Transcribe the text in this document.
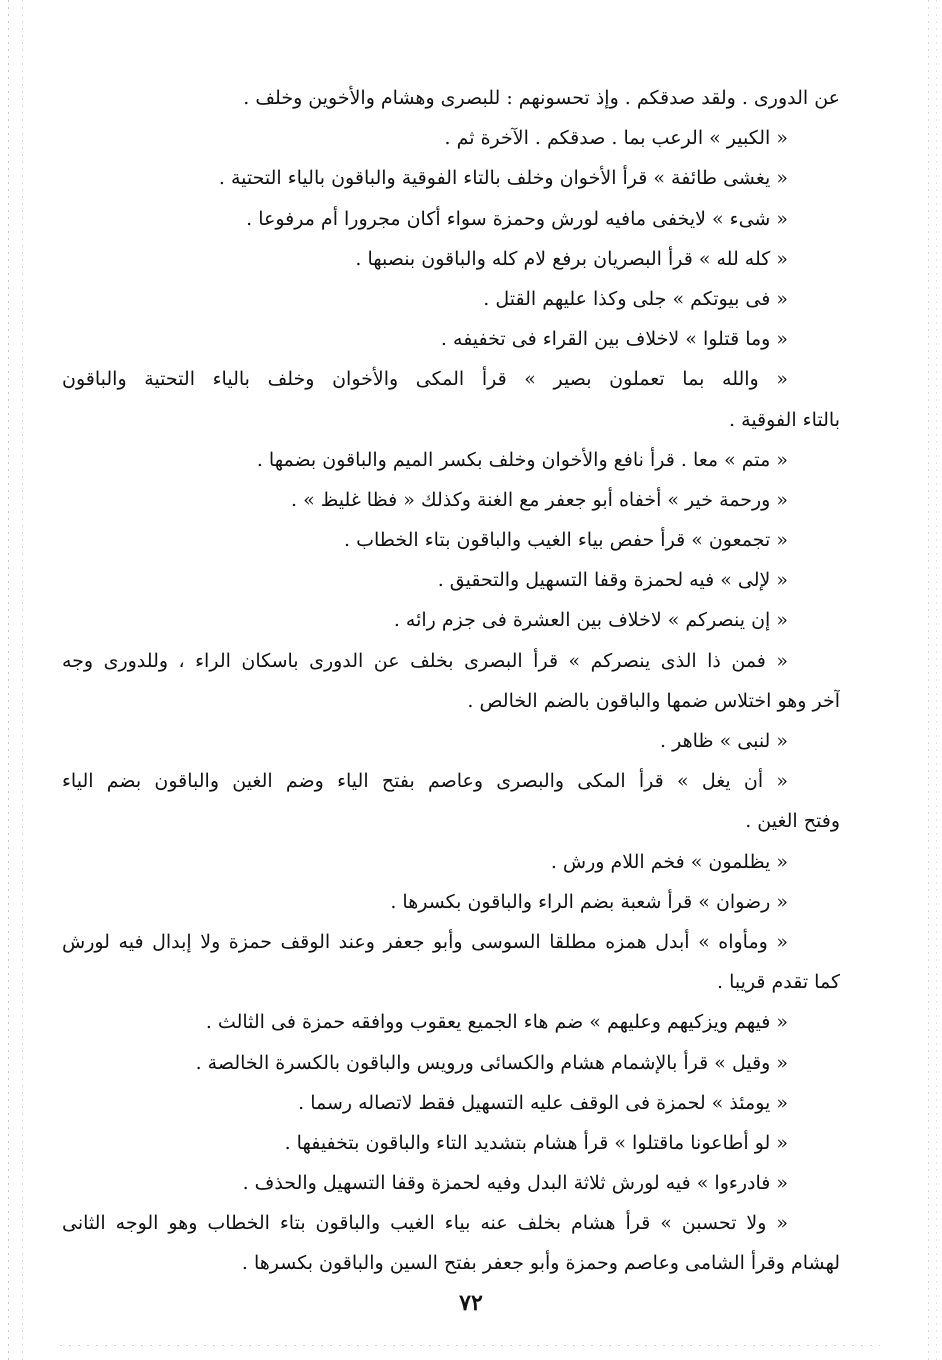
عن الدورى . ولقد صدقكم . وإذ تحسونهم : للبصرى وهشام والأخوين وخلف .
« الكبير » الرعب بما . صدقكم . الآخرة ثم .
« يغشى طائفة » قرأ الأخوان وخلف بالتاء الفوقية والباقون بالياء التحتية .
« شىء » لايخفى مافيه لورش وحمزة سواء أكان مجرورا أم مرفوعا .
« كله لله » قرأ البصريان برفع لام كله والباقون بنصبها .
« فى بيوتكم » جلى وكذا عليهم القتل .
« وما قتلوا » لاخلاف بين القراء فى تخفيفه .
« والله بما تعملون بصير » قرأ المكى والأخوان وخلف بالياء التحتية والباقون
بالتاء الفوقية .
« متم » معا . قرأ نافع والأخوان وخلف بكسر الميم والباقون بضمها .
« ورحمة خير » أخفاه أبو جعفر مع الغنة وكذلك « فظا غليظ » .
« تجمعون » قرأ حفص بياء الغيب والباقون بتاء الخطاب .
« لإلى » فيه لحمزة وقفا التسهيل والتحقيق .
« إن ينصركم » لاخلاف بين العشرة فى جزم رائه .
« فمن ذا الذى ينصركم » قرأ البصرى بخلف عن الدورى باسكان الراء ، وللدورى وجه
آخر وهو اختلاس ضمها والباقون بالضم الخالص .
« لنبى » ظاهر .
« أن يغل » قرأ المكى والبصرى وعاصم بفتح الياء وضم الغين والباقون بضم الياء
وفتح الغين .
« يظلمون » فخم اللام ورش .
« رضوان » قرأ شعبة بضم الراء والباقون بكسرها .
« ومأواه » أبدل همزه مطلقا السوسى وأبو جعفر وعند الوقف حمزة ولا إبدال فيه لورش
كما تقدم قريبا .
« فيهم ويزكيهم وعليهم » ضم هاء الجميع يعقوب ووافقه حمزة فى الثالث .
« وقيل » قرأ بالإشمام هشام والكسائى ورويس والباقون بالكسرة الخالصة .
« يومئذ » لحمزة فى الوقف عليه التسهيل فقط لاتصاله رسما .
« لو أطاعونا ماقتلوا » قرأ هشام بتشديد التاء والباقون بتخفيفها .
« فادرءوا » فيه لورش ثلاثة البدل وفيه لحمزة وقفا التسهيل والحذف .
« ولا تحسبن » قرأ هشام بخلف عنه بياء الغيب والباقون بتاء الخطاب وهو الوجه الثانى
لهشام وقرأ الشامى وعاصم وحمزة وأبو جعفر بفتح السين والباقون بكسرها .
٧٢
